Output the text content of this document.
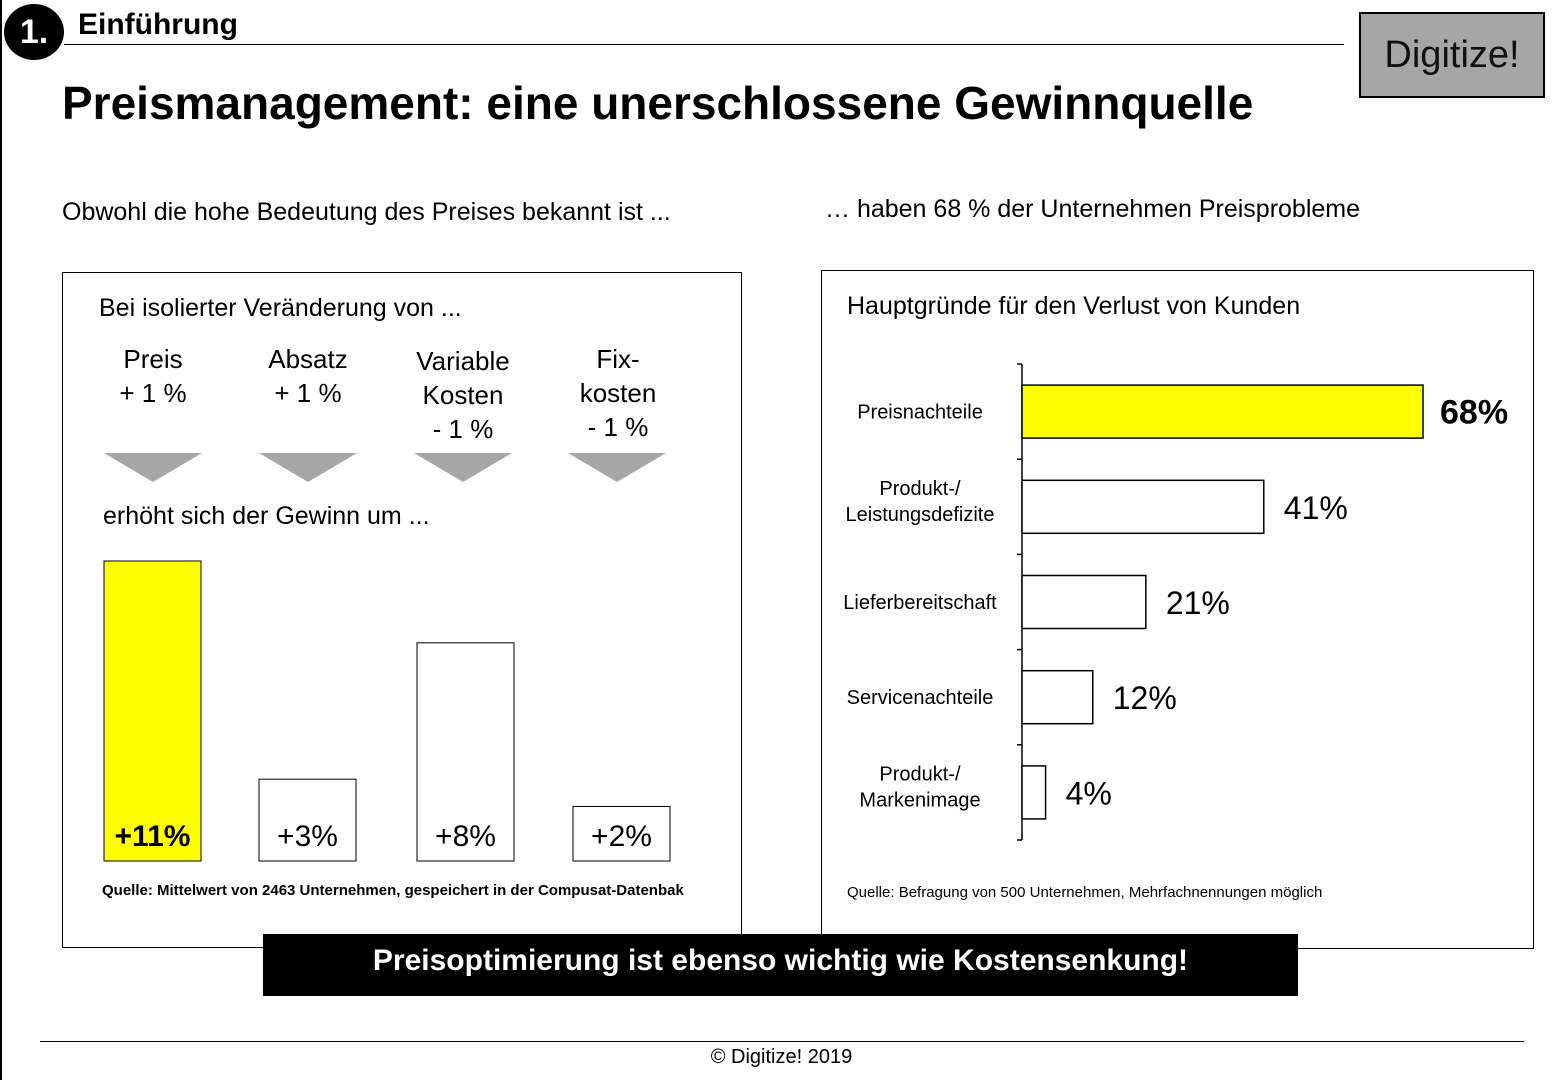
1. Einführung
Digitize!
Preismanagement: eine unerschlossene Gewinnquelle
Obwohl die hohe Bedeutung des Preises bekannt ist ...	… haben 68 % der Unternehmen Preisprobleme
Bei isolierter Veränderung von ...
Preis
+ 1 %
Absatz
+ 1 %
Variable
Kosten
- 1 %
Fix-
kosten
- 1 %
erhöht sich der Gewinn um ...
+11%	+3%	+8%	+2%
Quelle: Mittelwert von 2463 Unternehmen, gespeichert in der Compusat-Datenbak
Hauptgründe für den Verlust von Kunden
68%
Preisnachteile
41%
Produkt-/ Leistungsdefizite
21%
Lieferbereitschaft
12%
Servicenachteile
4%
Produkt-/ Markenimage
Quelle: Befragung von 500 Unternehmen, Mehrfachnennungen möglich
Preisoptimierung ist ebenso wichtig wie Kostensenkung!
© Digitize! 2019
